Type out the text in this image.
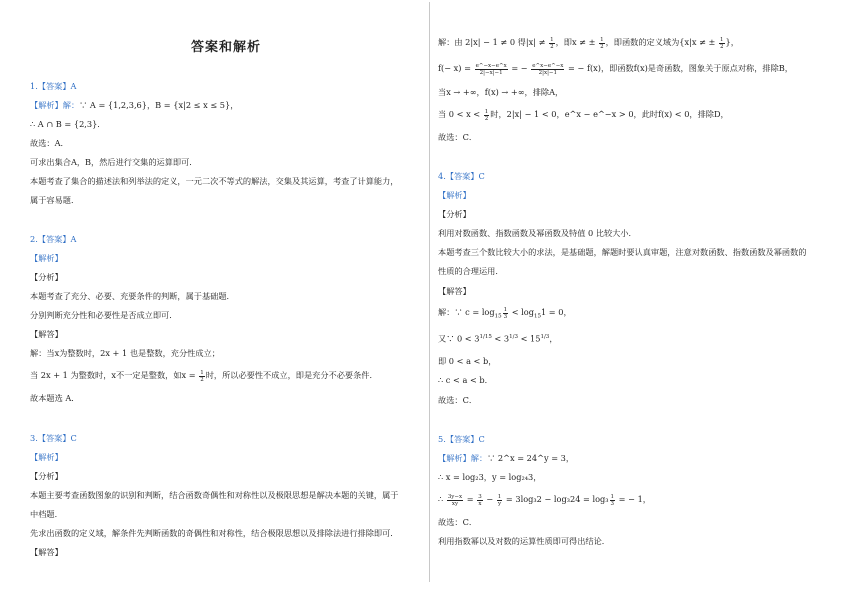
答案和解析
1.【答案】A
【解析】解：∵ A = {1,2,3,6}，B = {x|2 ≤ x ≤ 5}，
∴ A ∩ B = {2,3}．
故选：A．
可求出集合A，B，然后进行交集的运算即可．
本题考查了集合的描述法和列举法的定义，一元二次不等式的解法，交集及其运算，考查了计算能力，
属于容易题．
2.【答案】A
【解析】
【分析】
本题考查了充分、必要、充要条件的判断，属于基础题．
分别判断充分性和必要性是否成立即可．
【解答】
解：当x为整数时，2x + 1 也是整数，充分性成立；
当 2x + 1 为整数时，x不一定是整数，如$x = \frac{1}{2}$ 时，所以必要性不成立，即是充分不必要条件．
故本题选 A．
3.【答案】C
【解析】
【分析】
本题主要考查函数图象的识别和判断，结合函数奇偶性和对称性以及极限思想是解决本题的关键，属于
中档题．
先求出函数的定义域，解条件先判断函数的奇偶性和对称性，结合极限思想以及排除法进行排除即可．
【解答】
解：由 2|x| − 1 ≠ 0 得$|x| \ne \frac{1}{2}$ ，即x ≠ ± $\frac{1}{2}$ ，即函数的定义域为{x|x ≠ ± $\frac{1}{2}$ }，
$f(- x) = \frac{e\^{}-x-e\^{}x}{2|-x|-1}$ = − $\frac{e\^{}x-e\^{}-x}{2|x|-1}$ = − f(x)，即函数f(x)是奇函数，图象关于原点对称，排除B，
当x → +∞，f(x) → +∞，排除A，
当 $0 < x < \frac{1}{2}$ 时，2|x| − 1 < 0，e^x − e^−x > 0，此时f(x) < 0，排除D，
故选：C．
4.【答案】C
【解析】
【分析】
利用对数函数、指数函数及幂函数及特值 0 比较大小．
本题考查三个数比较大小的求法，是基础题，解题时要认真审题，注意对数函数、指数函数及幂函数的
性质的合理运用．
【解答】
解：∵ $c = \log_{15} \frac{1}{3} < \log_{15}1 = 0$，
又∵ $0 < 3^{1/15} < 3^{1/3} < 15^{1/3}$，
即 0 < a < b，
∴ c < a < b．
故选：C．
5.【答案】C
【解析】解：∵ 2^x = 24^y = 3，
∴ x = log₂3，y = log₂₄3，
∴ $\frac{3y-x}{xy} = \frac{3}{x} - \frac{1}{y} = 3\log_32 - \log_324 = \log_3 \frac{1}{3}$ = − 1，
故选：C．
利用指数幂以及对数的运算性质即可得出结论．
